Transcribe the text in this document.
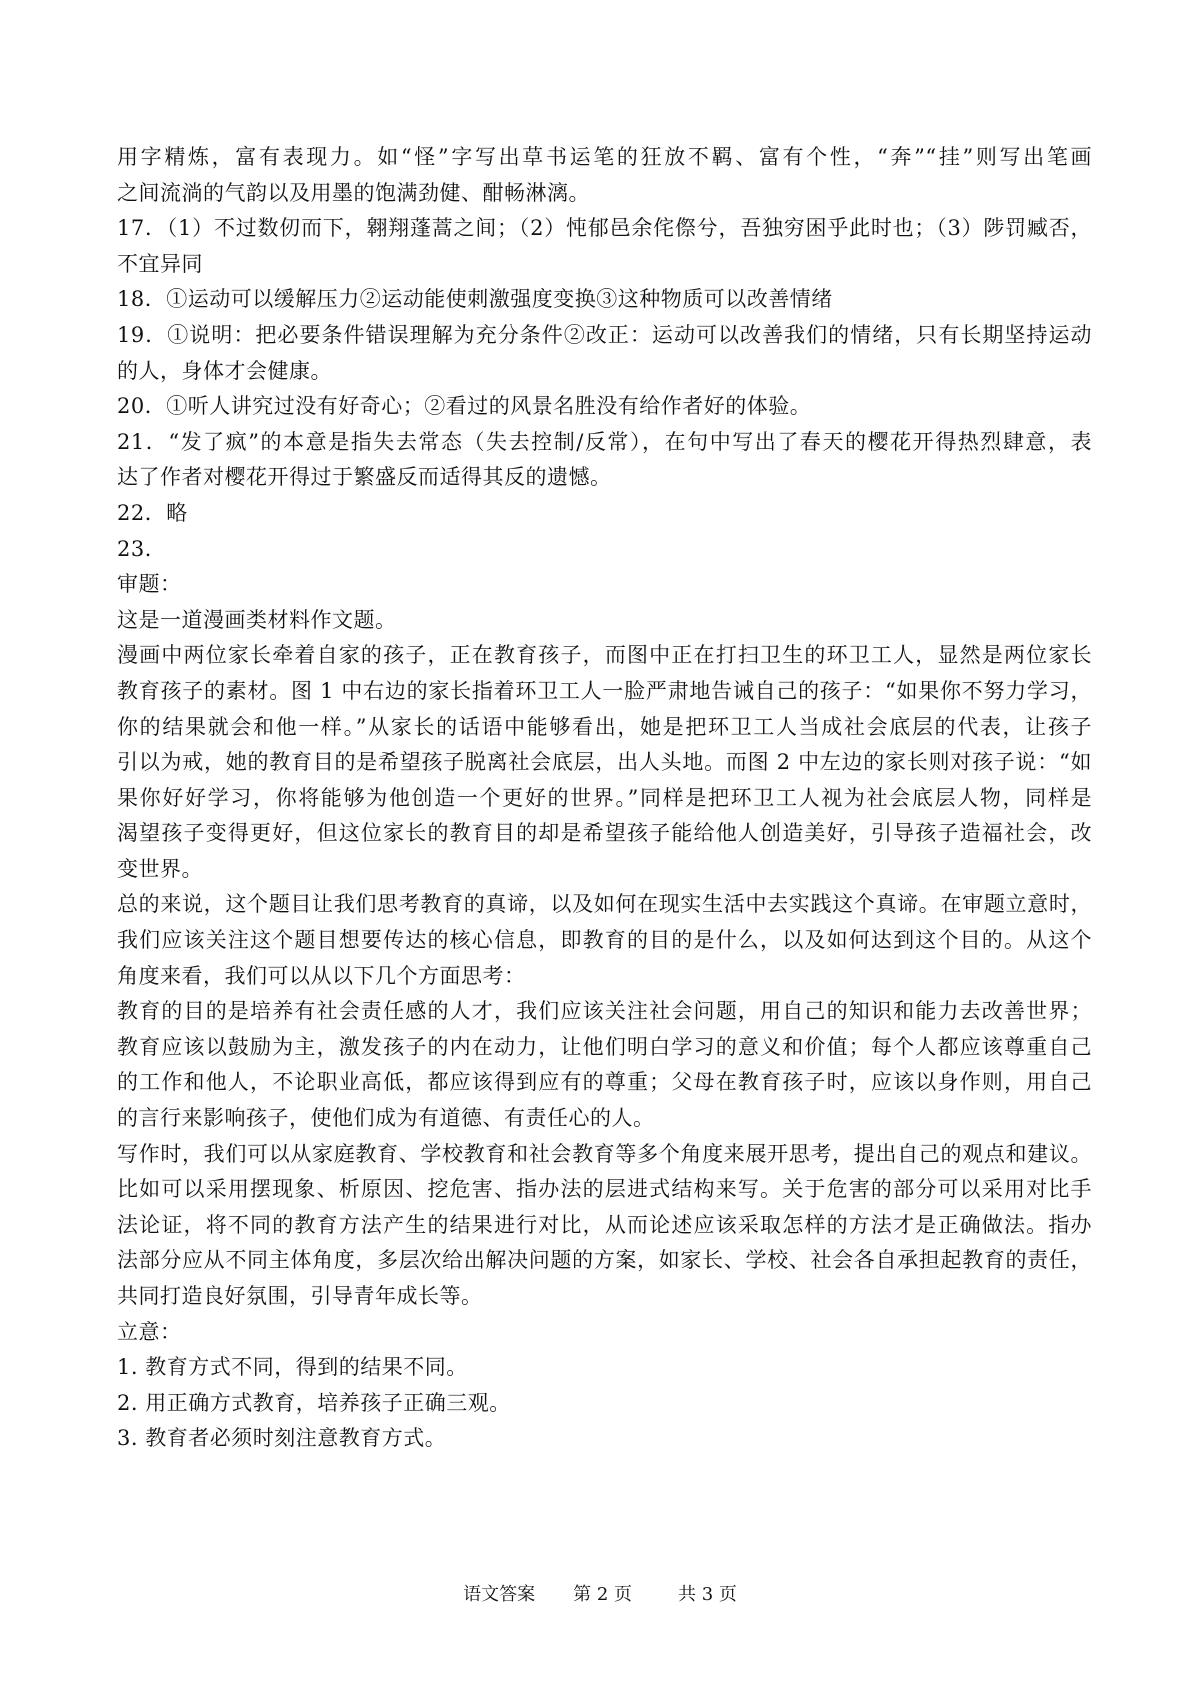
用字精炼，富有表现力。如“怪”字写出草书运笔的狂放不羁、富有个性，“奔”“挂”则写出笔画
之间流淌的气韵以及用墨的饱满劲健、酣畅淋漓。
17．（1）不过数仞而下，翱翔蓬蒿之间；（2）忳郁邑余侘傺兮，吾独穷困乎此时也；（3）陟罚臧否，
不宜异同
18．①运动可以缓解压力②运动能使刺激强度变换③这种物质可以改善情绪
19．①说明：把必要条件错误理解为充分条件②改正：运动可以改善我们的情绪，只有长期坚持运动
的人，身体才会健康。
20．①听人讲究过没有好奇心；②看过的风景名胜没有给作者好的体验。
21．“发了疯”的本意是指失去常态（失去控制/反常），在句中写出了春天的樱花开得热烈肆意，表
达了作者对樱花开得过于繁盛反而适得其反的遗憾。
22．略
23．
审题：
这是一道漫画类材料作文题。
漫画中两位家长牵着自家的孩子，正在教育孩子，而图中正在打扫卫生的环卫工人，显然是两位家长
教育孩子的素材。图 1 中右边的家长指着环卫工人一脸严肃地告诫自己的孩子：“如果你不努力学习，
你的结果就会和他一样。”从家长的话语中能够看出，她是把环卫工人当成社会底层的代表，让孩子
引以为戒，她的教育目的是希望孩子脱离社会底层，出人头地。而图 2 中左边的家长则对孩子说：“如
果你好好学习，你将能够为他创造一个更好的世界。”同样是把环卫工人视为社会底层人物，同样是
渴望孩子变得更好，但这位家长的教育目的却是希望孩子能给他人创造美好，引导孩子造福社会，改
变世界。
总的来说，这个题目让我们思考教育的真谛，以及如何在现实生活中去实践这个真谛。在审题立意时，
我们应该关注这个题目想要传达的核心信息，即教育的目的是什么，以及如何达到这个目的。从这个
角度来看，我们可以从以下几个方面思考：
教育的目的是培养有社会责任感的人才，我们应该关注社会问题，用自己的知识和能力去改善世界；
教育应该以鼓励为主，激发孩子的内在动力，让他们明白学习的意义和价值；每个人都应该尊重自己
的工作和他人，不论职业高低，都应该得到应有的尊重；父母在教育孩子时，应该以身作则，用自己
的言行来影响孩子，使他们成为有道德、有责任心的人。
写作时，我们可以从家庭教育、学校教育和社会教育等多个角度来展开思考，提出自己的观点和建议。
比如可以采用摆现象、析原因、挖危害、指办法的层进式结构来写。关于危害的部分可以采用对比手
法论证，将不同的教育方法产生的结果进行对比，从而论述应该采取怎样的方法才是正确做法。指办
法部分应从不同主体角度，多层次给出解决问题的方案，如家长、学校、社会各自承担起教育的责任，
共同打造良好氛围，引导青年成长等。
立意：
1. 教育方式不同，得到的结果不同。
2. 用正确方式教育，培养孩子正确三观。
3. 教育者必须时刻注意教育方式。
语文答案 第 2 页	共 3 页
